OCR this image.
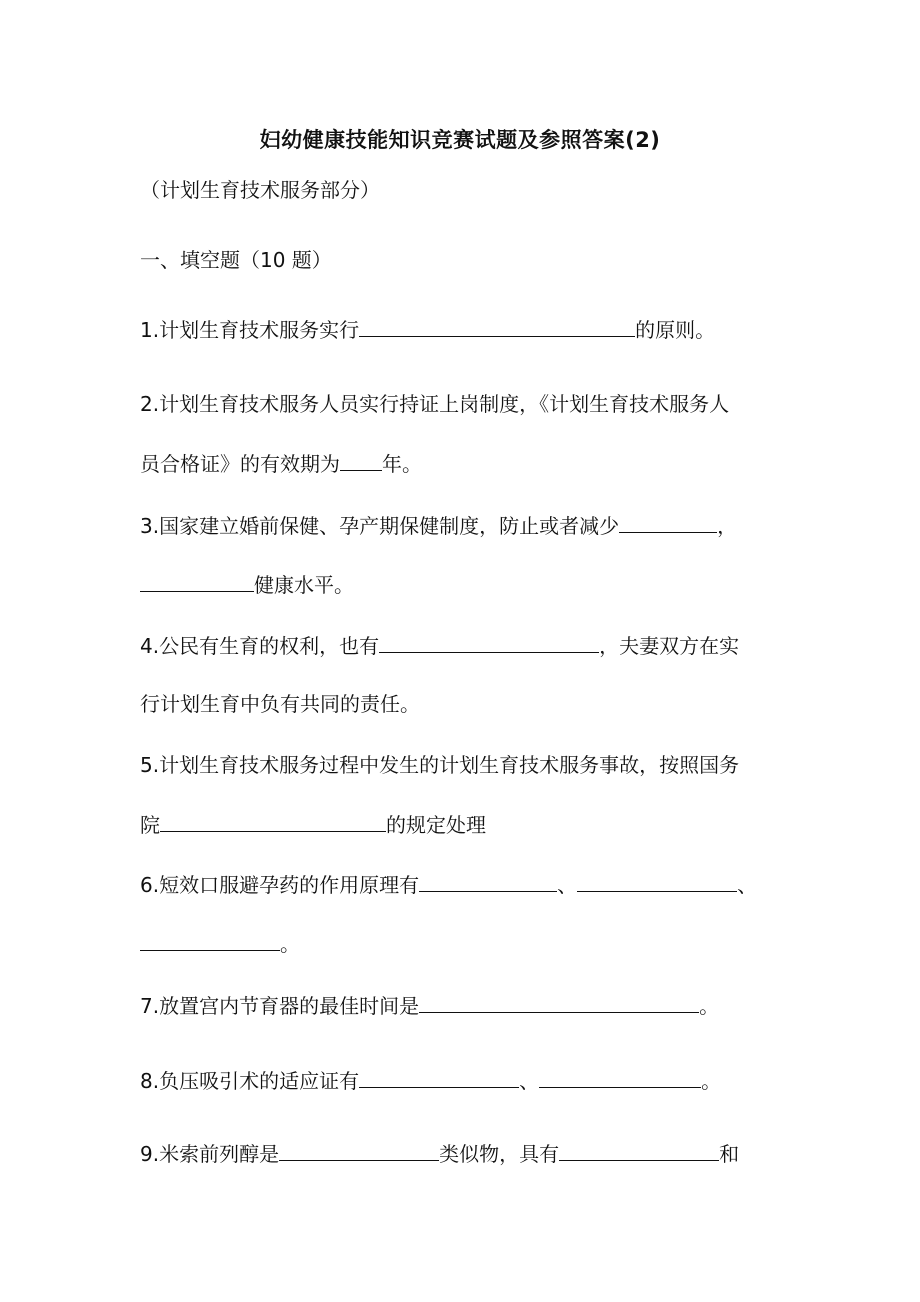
妇幼健康技能知识竞赛试题及参照答案(2)
（计划生育技术服务部分）
一、填空题（10 题）
1.计划生育技术服务实行	的原则。
2.计划生育技术服务人员实行持证上岗制度，《计划生育技术服务人
员合格证》的有效期为 年。
3.国家建立婚前保健、孕产期保健制度，防止或者减少	，
健康水平。
4.公民有生育的权利，也有	，夫妻双方在实
行计划生育中负有共同的责任。
5.计划生育技术服务过程中发生的计划生育技术服务事故，按照国务
院	的规定处理
6.短效口服避孕药的作用原理有	、	、
。
7.放置宫内节育器的最佳时间是	。
8.负压吸引术的适应证有	、	。
9.米索前列醇是	类似物，具有	和
